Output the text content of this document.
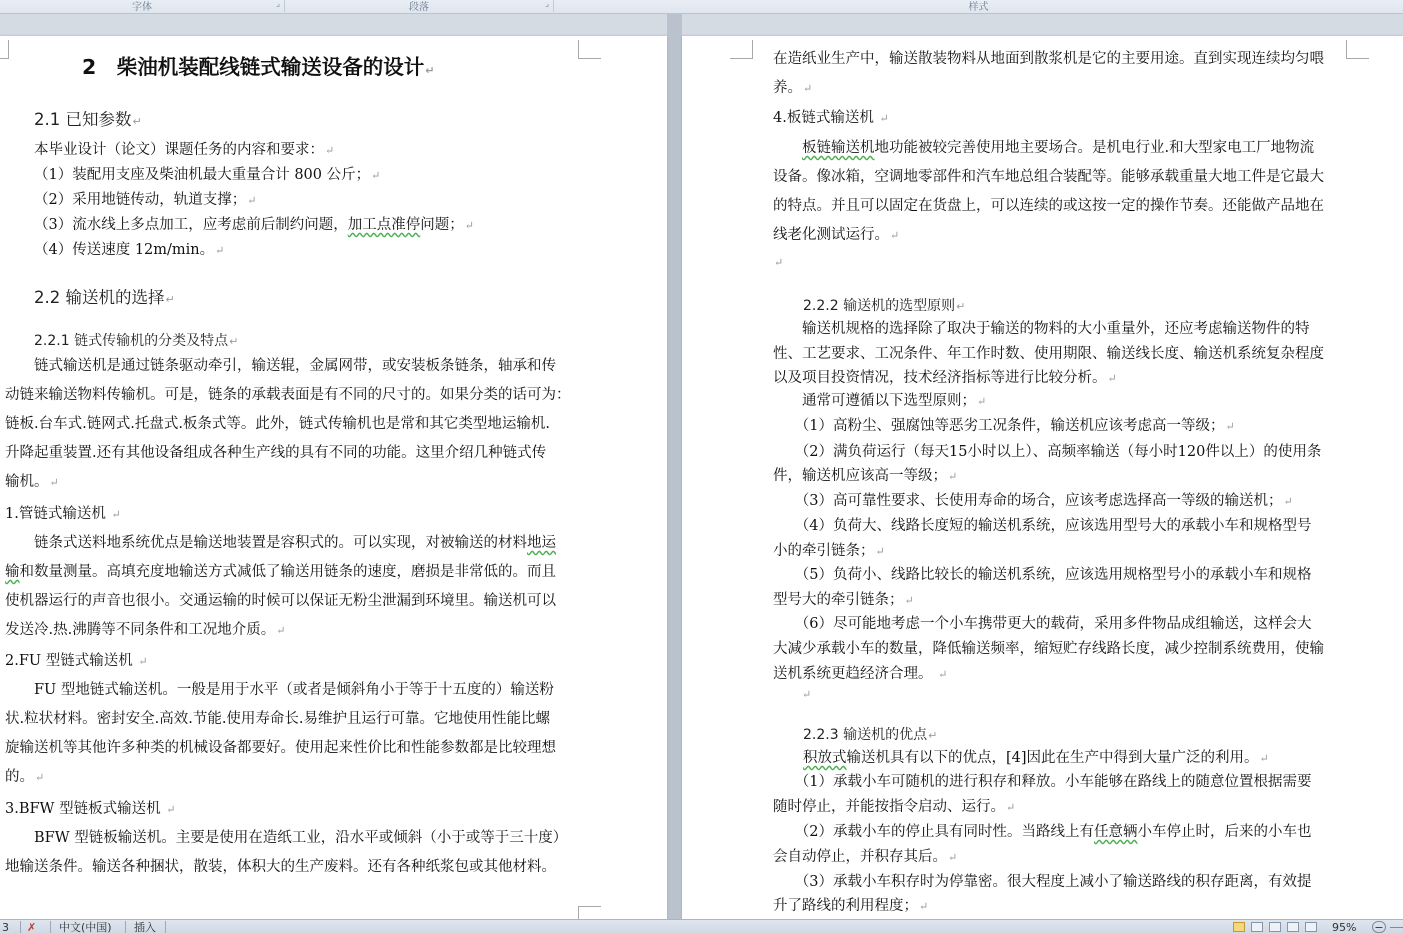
字体	⌟	段落	⌟	样式
2　柴油机装配线链式输送设备的设计↵
2.1 已知参数↵
本毕业设计（论文）课题任务的内容和要求：↵
（1）装配用支座及柴油机最大重量合计 800 公斤；↵
（2）采用地链传动，轨道支撑；↵
（3）流水线上多点加工，应考虑前后制约问题，加工点准停问题；↵
（4）传送速度 12m/min。↵
2.2 输送机的选择↵
2.2.1 链式传输机的分类及特点↵
　　链式输送机是通过链条驱动牵引，输送辊，金属网带，或安装板条链条，轴承和传
动链来输送物料传输机。可是，链条的承载表面是有不同的尺寸的。如果分类的话可为：
链板.台车式.链网式.托盘式.板条式等。此外，链式传输机也是常和其它类型地运输机.
升降起重装置.还有其他设备组成各种生产线的具有不同的功能。这里介绍几种链式传
输机。↵
1.管链式输送机 ↵
　　链条式送料地系统优点是输送地装置是容积式的。可以实现，对被输送的材料地运
输和数量测量。高填充度地输送方式减低了输送用链条的速度，磨损是非常低的。而且
使机器运行的声音也很小。交通运输的时候可以保证无粉尘泄漏到环境里。输送机可以
发送冷.热.沸腾等不同条件和工况地介质。↵
2.FU 型链式输送机 ↵
　　FU 型地链式输送机。一般是用于水平（或者是倾斜角小于等于十五度的）输送粉
状.粒状材料。密封安全.高效.节能.使用寿命长.易维护且运行可靠。它地使用性能比螺
旋输送机等其他许多种类的机械设备都要好。使用起来性价比和性能参数都是比较理想
的。↵
3.BFW 型链板式输送机 ↵
　　BFW 型链板输送机。主要是使用在造纸工业，沿水平或倾斜（小于或等于三十度）
地输送条件。输送各种捆状，散装，体积大的生产废料。还有各种纸浆包或其他材料。
在造纸业生产中，输送散装物料从地面到散浆机是它的主要用途。直到实现连续均匀喂
养。↵
4.板链式输送机 ↵
　　板链输送机地功能被较完善使用地主要场合。是机电行业.和大型家电工厂地物流
设备。像冰箱，空调地零部件和汽车地总组合装配等。能够承载重量大地工件是它最大
的特点。并且可以固定在货盘上，可以连续的或这按一定的操作节奏。还能做产品地在
线老化测试运行。↵
↵
2.2.2 输送机的选型原则↵
　　输送机规格的选择除了取决于输送的物料的大小重量外，还应考虑输送物件的特
性、工艺要求、工况条件、年工作时数、使用期限、输送线长度、输送机系统复杂程度
以及项目投资情况，技术经济指标等进行比较分析。↵
　　通常可遵循以下选型原则；↵
　　（1）高粉尘、强腐蚀等恶劣工况条件，输送机应该考虑高一等级；↵
　　（2）满负荷运行（每天15小时以上）、高频率输送（每小时120件以上）的使用条
件，输送机应该高一等级；↵
　　（3）高可靠性要求、长使用寿命的场合，应该考虑选择高一等级的输送机；↵
　　（4）负荷大、线路长度短的输送机系统，应该选用型号大的承载小车和规格型号
小的牵引链条；↵
　　（5）负荷小、线路比较长的输送机系统，应该选用规格型号小的承载小车和规格
型号大的牵引链条；↵
　　（6）尽可能地考虑一个小车携带更大的载荷，采用多件物品成组输送，这样会大
大减少承载小车的数量，降低输送频率，缩短贮存线路长度，减少控制系统费用，使输
送机系统更趋经济合理。 ↵
↵
2.2.3 输送机的优点↵
积放式输送机具有以下的优点，[4]因此在生产中得到大量广泛的利用。↵
　　（1）承载小车可随机的进行积存和释放。小车能够在路线上的随意位置根据需要
随时停止，并能按指令启动、运行。↵
　　（2）承载小车的停止具有同时性。当路线上有任意辆小车停止时，后来的小车也
会自动停止，并积存其后。↵
　　（3）承载小车积存时为停靠密。很大程度上减小了输送路线的积存距离，有效提
升了路线的利用程度；↵
3 ✗ 中文(中国) 插入	95% −
